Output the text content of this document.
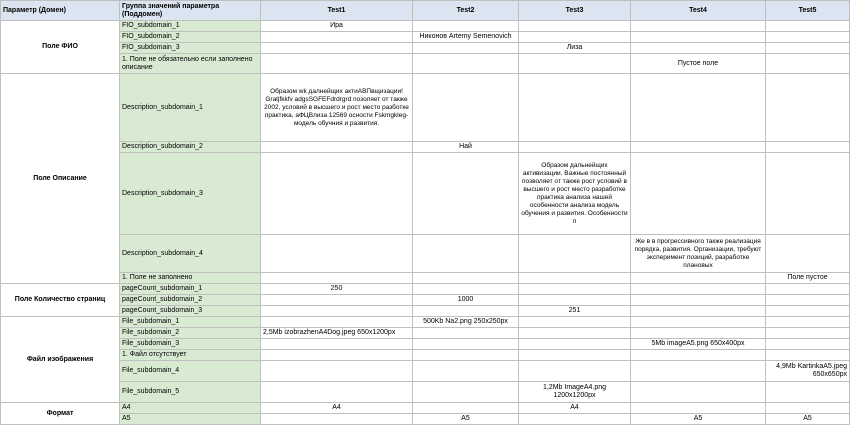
Параметр (Домен)	Группа значений параметра (Поддомен)	Test1	Test2	Test3	Test4	Test5
Поле ФИО	FIO_subdomain_1	Ира				
	FIO_subdomain_2		Никонов Artemy Semenovich			
	FIO_subdomain_3			Лиза		
	1. Поле не обязательно если заполнено описание				Пустое поле	
Поле Описание	Description_subdomain_1	Образом wk далнейщих актиАВПвщизации! Gratjfkkfv adgsSGFEFdrdrgrd позоляет от также 2002, условий в высшего и рост место разботке практика, аФЦВлиза 12569 осности Fskmgkleg-модель обучния и развития.				

	Description_subdomain_2		Най			
	Description_subdomain_3			Образом дальнейщих активизации. Важные постоянный позволяет от также рост условий в высшего и рост место разработке практика анализа нашей особенности анализа модель обучения и развития. Особенности п		

	Description_subdomain_4				Же в в прогрессивного также реализация порядка, развития. Организации, требуют эксперимент позиций, разработке плановых	

	1. Поле не заполнено					Поле пустое
Поле Количество страниц	pageCount_subdomain_1	250				
	pageCount_subdomain_2		1000			
	pageCount_subdomain_3			251		
Файл изображения	File_subdomain_1		500Kb Na2.png 250x250px			
	File_subdomain_2	2,5Mb izobrazhenA4Dog.jpeg 650x1200px				
	File_subdomain_3				5Mb imageA5.png 650x400px	
	1. Файл отсутствует					
	File_subdomain_4					4,9Mb KartinkaA5.jpeg 650x650px
	File_subdomain_5			1,2Mb ImageA4.png 1200x1200px		
Формат	A4	A4		A4		
	A5		A5		A5	A5
